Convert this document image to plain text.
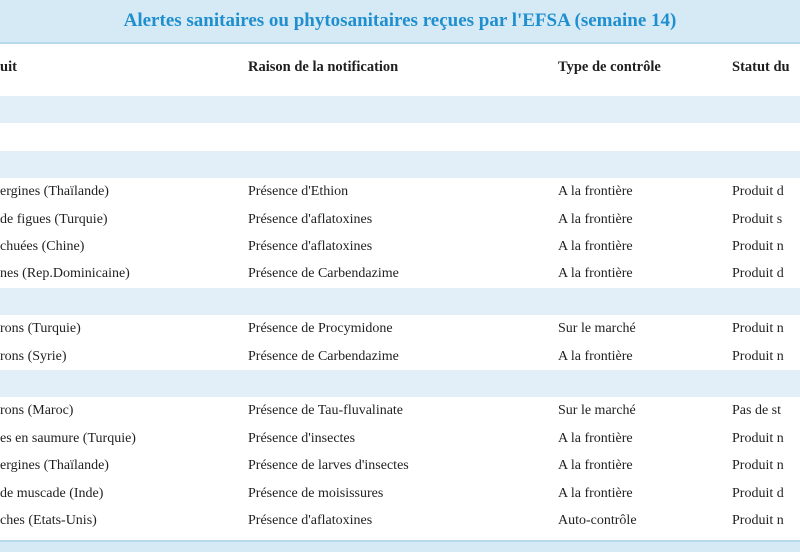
Alertes sanitaires ou phytosanitaires reçues par l'EFSA (semaine 14)
uit	Raison de la notification	Type de contrôle	Statut du
ergines (Thaïlande)	Présence d'Ethion	A la frontière	Produit d
de figues (Turquie)	Présence d'aflatoxines	A la frontière	Produit s
chuées (Chine)	Présence d'aflatoxines	A la frontière	Produit n
nes (Rep.Dominicaine)	Présence de Carbendazime	A la frontière	Produit d
rons (Turquie)	Présence de Procymidone	Sur le marché	Produit n
rons (Syrie)	Présence de Carbendazime	A la frontière	Produit n
rons (Maroc)	Présence de Tau-fluvalinate	Sur le marché	Pas de st
es en saumure (Turquie)	Présence d'insectes	A la frontière	Produit n
ergines (Thaïlande)	Présence de larves d'insectes	A la frontière	Produit n
de muscade (Inde)	Présence de moisissures	A la frontière	Produit d
ches (Etats-Unis)	Présence d'aflatoxines	Auto-contrôle	Produit n
